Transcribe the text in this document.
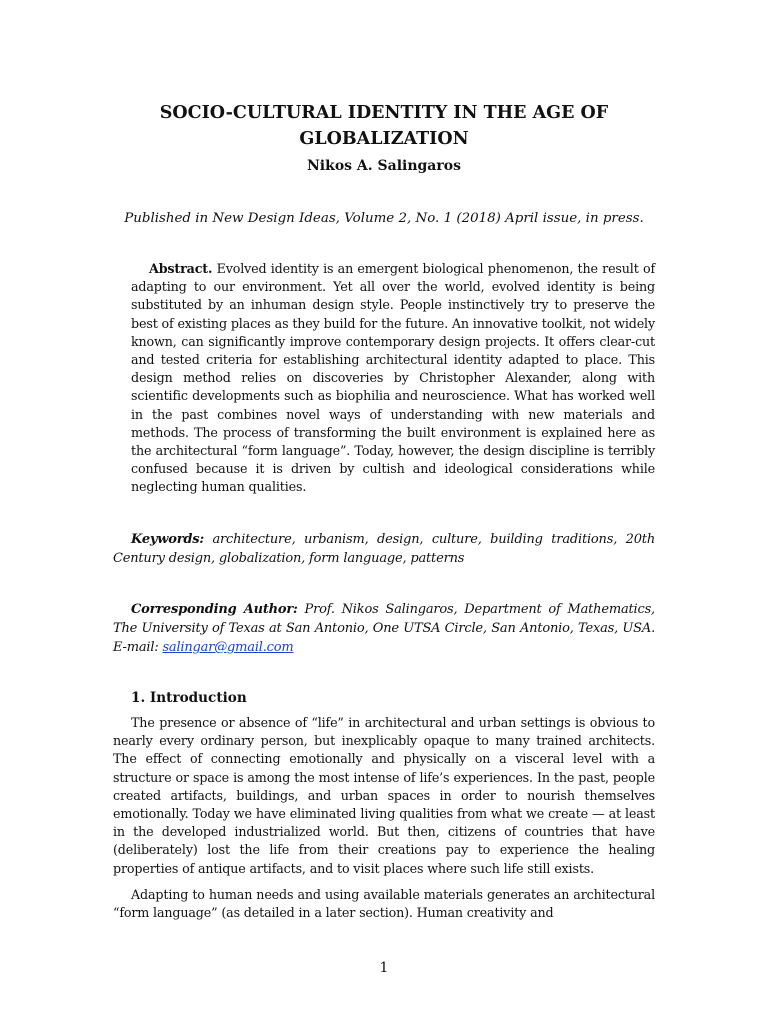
SOCIO-CULTURAL IDENTITY IN THE AGE OF GLOBALIZATION
Nikos A. Salingaros
Published in New Design Ideas, Volume 2, No. 1 (2018) April issue, in press.

Abstract. Evolved identity is an emergent biological phenomenon, the result of adapting to our environment. Yet all over the world, evolved identity is being substituted by an inhuman design style. People instinctively try to preserve the best of existing places as they build for the future. An innovative toolkit, not widely known, can significantly improve contemporary design projects. It offers clear-cut and tested criteria for establishing architectural identity adapted to place. This design method relies on discoveries by Christopher Alexander, along with scientific developments such as biophilia and neuroscience. What has worked well in the past combines novel ways of understanding with new materials and methods. The process of transforming the built environment is explained here as the architectural “form language”. Today, however, the design discipline is terribly confused because it is driven by cultish and ideological considerations while neglecting human qualities.

Keywords: architecture, urbanism, design, culture, building traditions, 20th Century design, globalization, form language, patterns

Corresponding Author: Prof. Nikos Salingaros, Department of Mathematics, The University of Texas at San Antonio, One UTSA Circle, San Antonio, Texas, USA. E-mail: salingar@gmail.com

1. Introduction

The presence or absence of “life” in architectural and urban settings is obvious to nearly every ordinary person, but inexplicably opaque to many trained architects. The effect of connecting emotionally and physically on a visceral level with a structure or space is among the most intense of life’s experiences. In the past, people created artifacts, buildings, and urban spaces in order to nourish themselves emotionally. Today we have eliminated living qualities from what we create — at least in the developed industrialized world. But then, citizens of countries that have (deliberately) lost the life from their creations pay to experience the healing properties of antique artifacts, and to visit places where such life still exists.

Adapting to human needs and using available materials generates an architectural “form language” (as detailed in a later section). Human creativity and

1
